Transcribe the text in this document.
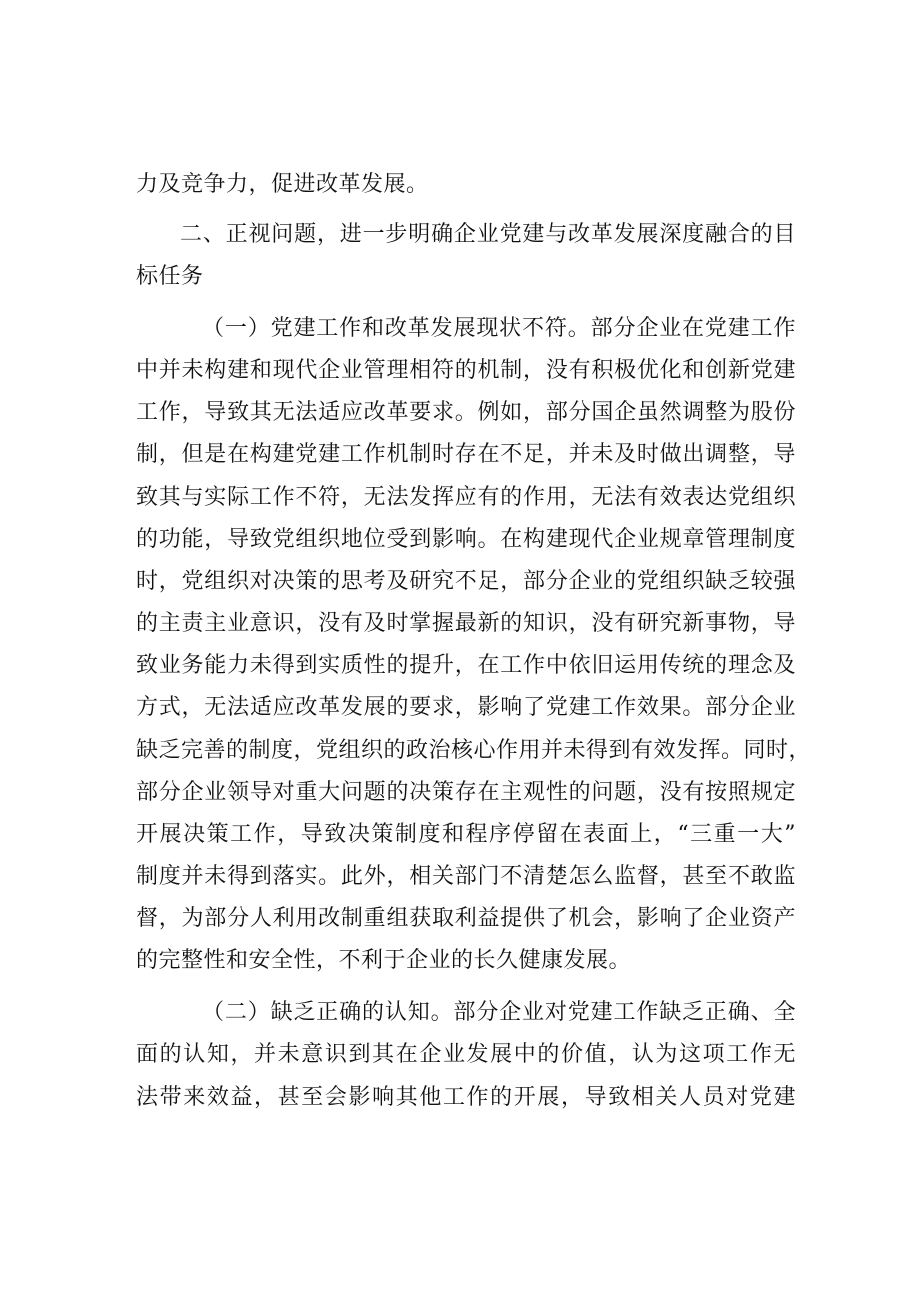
力及竞争力，促进改革发展。
二、正视问题，进一步明确企业党建与改革发展深度融合的目
标任务
（一）党建工作和改革发展现状不符。部分企业在党建工作
中并未构建和现代企业管理相符的机制，没有积极优化和创新党建
工作，导致其无法适应改革要求。例如，部分国企虽然调整为股份
制，但是在构建党建工作机制时存在不足，并未及时做出调整，导
致其与实际工作不符，无法发挥应有的作用，无法有效表达党组织
的功能，导致党组织地位受到影响。在构建现代企业规章管理制度
时，党组织对决策的思考及研究不足，部分企业的党组织缺乏较强
的主责主业意识，没有及时掌握最新的知识，没有研究新事物，导
致业务能力未得到实质性的提升，在工作中依旧运用传统的理念及
方式，无法适应改革发展的要求，影响了党建工作效果。部分企业
缺乏完善的制度，党组织的政治核心作用并未得到有效发挥。同时，
部分企业领导对重大问题的决策存在主观性的问题，没有按照规定
开展决策工作，导致决策制度和程序停留在表面上，“三重一大”
制度并未得到落实。此外，相关部门不清楚怎么监督，甚至不敢监
督，为部分人利用改制重组获取利益提供了机会，影响了企业资产
的完整性和安全性，不利于企业的长久健康发展。
（二）缺乏正确的认知。部分企业对党建工作缺乏正确、全
面的认知，并未意识到其在企业发展中的价值，认为这项工作无
法带来效益，甚至会影响其他工作的开展，导致相关人员对党建
